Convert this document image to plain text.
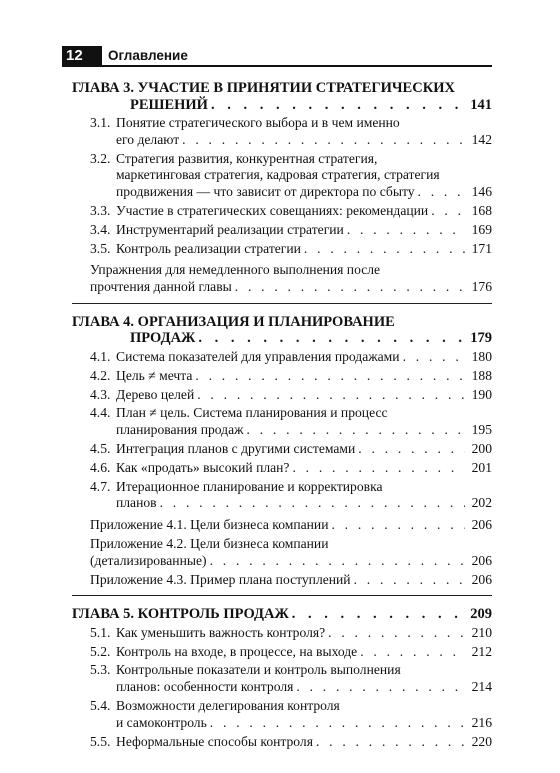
12	Оглавление
ГЛАВА 3. УЧАСТИЕ В ПРИНЯТИИ СТРАТЕГИЧЕСКИХ
РЕШЕНИЙ . . .	141
3.1. Понятие стратегического выбора и в чем именно
его делают . . .	142
3.2. Стратегия развития, конкурентная стратегия,
маркетинговая стратегия, кадровая стратегия, стратегия
продвижения — что зависит от директора по сбыту . . .	146
3.3. Участие в стратегических совещаниях: рекомендации . . .	168
3.4. Инструментарий реализации стратегии . . .	169
3.5. Контроль реализации стратегии . . .	171
Упражнения для немедленного выполнения после
прочтения данной главы . . .	176
ГЛАВА 4. ОРГАНИЗАЦИЯ И ПЛАНИРОВАНИЕ
ПРОДАЖ . . .	179
4.1. Система показателей для управления продажами . . .	180
4.2. Цель ≠ мечта . . .	188
4.3. Дерево целей . . .	190
4.4. План ≠ цель. Система планирования и процесс
планирования продаж . . .	195
4.5. Интеграция планов с другими системами . . .	200
4.6. Как «продать» высокий план? . . .	201
4.7. Итерационное планирование и корректировка
планов . . .	202
Приложение 4.1. Цели бизнеса компании . . .	206
Приложение 4.2. Цели бизнеса компании
(детализированные) . . .	206
Приложение 4.3. Пример плана поступлений . . .	206
ГЛАВА 5. КОНТРОЛЬ ПРОДАЖ . . .	209
5.1. Как уменьшить важность контроля? . . .	210
5.2. Контроль на входе, в процессе, на выходе . . .	212
5.3. Контрольные показатели и контроль выполнения
планов: особенности контроля . . .	214
5.4. Возможности делегирования контроля
и самоконтроль . . .	216
5.5. Неформальные способы контроля . . .	220
